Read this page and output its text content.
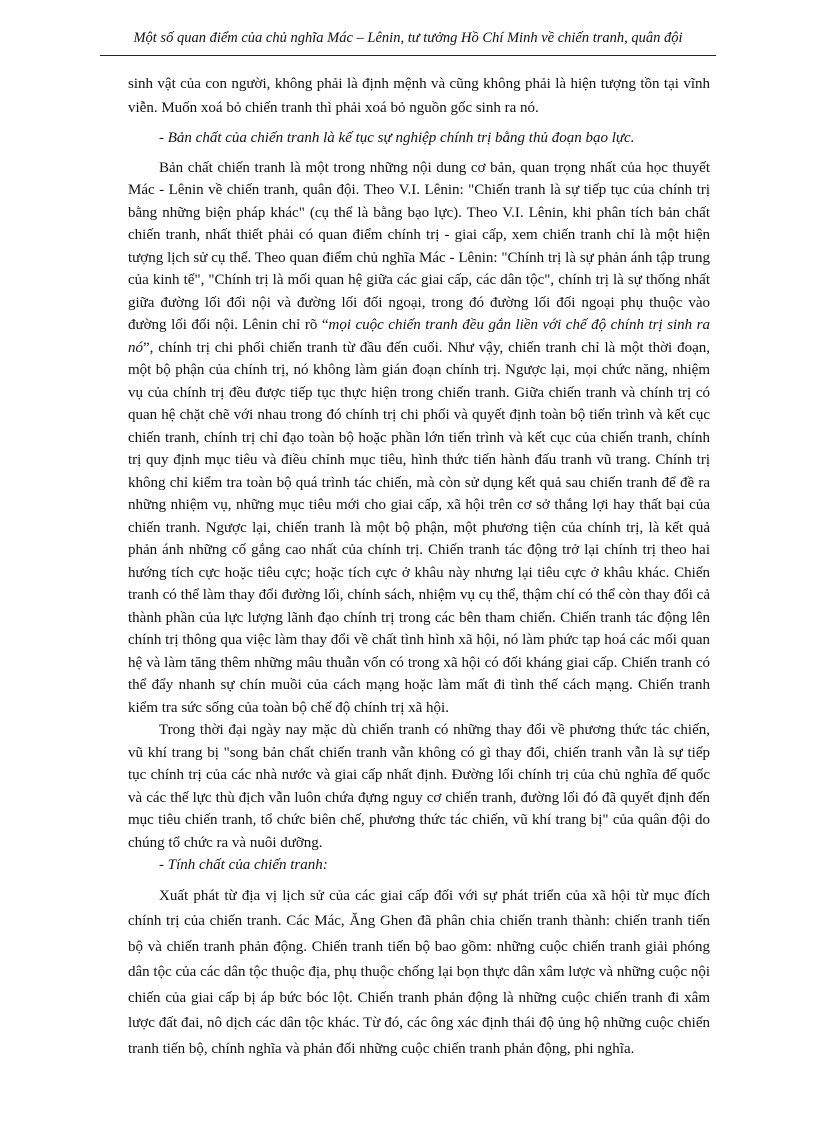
Một số quan điểm của chủ nghĩa Mác – Lênin, tư tưởng Hồ Chí Minh về chiến tranh, quân đội

sinh vật của con người, không phải là định mệnh và cũng không phải là hiện tượng tồn tại vĩnh viễn. Muốn xoá bỏ chiến tranh thì phải xoá bỏ nguồn gốc sinh ra nó.

- Bản chất của chiến tranh là kế tục sự nghiệp chính trị bằng thủ đoạn bạo lực.

Bản chất chiến tranh là một trong những nội dung cơ bản, quan trọng nhất của học thuyết Mác - Lênin về chiến tranh, quân đội. Theo V.I. Lênin: "Chiến tranh là sự tiếp tục của chính trị bằng những biện pháp khác" (cụ thể là bằng bạo lực). Theo V.I. Lênin, khi phân tích bản chất chiến tranh, nhất thiết phải có quan điểm chính trị - giai cấp, xem chiến tranh chỉ là một hiện tượng lịch sử cụ thể. Theo quan điểm chủ nghĩa Mác - Lênin: "Chính trị là sự phản ánh tập trung của kinh tế", "Chính trị là mối quan hệ giữa các giai cấp, các dân tộc", chính trị là sự thống nhất giữa đường lối đối nội và đường lối đối ngoại, trong đó đường lối đối ngoại phụ thuộc vào đường lối đối nội. Lênin chỉ rõ “mọi cuộc chiến tranh đều gắn liền với chế độ chính trị sinh ra nó”, chính trị chi phối chiến tranh từ đầu đến cuối. Như vậy, chiến tranh chỉ là một thời đoạn, một bộ phận của chính trị, nó không làm gián đoạn chính trị. Ngược lại, mọi chức năng, nhiệm vụ của chính trị đều được tiếp tục thực hiện trong chiến tranh. Giữa chiến tranh và chính trị có quan hệ chặt chẽ với nhau trong đó chính trị chi phối và quyết định toàn bộ tiến trình và kết cục chiến tranh, chính trị chỉ đạo toàn bộ hoặc phần lớn tiến trình và kết cục của chiến tranh, chính trị quy định mục tiêu và điều chỉnh mục tiêu, hình thức tiến hành đấu tranh vũ trang. Chính trị không chỉ kiểm tra toàn bộ quá trình tác chiến, mà còn sử dụng kết quả sau chiến tranh để đề ra những nhiệm vụ, những mục tiêu mới cho giai cấp, xã hội trên cơ sở thắng lợi hay thất bại của chiến tranh. Ngược lại, chiến tranh là một bộ phận, một phương tiện của chính trị, là kết quả phản ánh những cố gắng cao nhất của chính trị. Chiến tranh tác động trở lại chính trị theo hai hướng tích cực hoặc tiêu cực; hoặc tích cực ở khâu này nhưng lại tiêu cực ở khâu khác. Chiến tranh có thể làm thay đổi đường lối, chính sách, nhiệm vụ cụ thể, thậm chí có thể còn thay đổi cả thành phần của lực lượng lãnh đạo chính trị trong các bên tham chiến. Chiến tranh tác động lên chính trị thông qua việc làm thay đổi về chất tình hình xã hội, nó làm phức tạp hoá các mối quan hệ và làm tăng thêm những mâu thuẫn vốn có trong xã hội có đối kháng giai cấp. Chiến tranh có thể đẩy nhanh sự chín muồi của cách mạng hoặc làm mất đi tình thế cách mạng. Chiến tranh kiểm tra sức sống của toàn bộ chế độ chính trị xã hội.

Trong thời đại ngày nay mặc dù chiến tranh có những thay đổi về phương thức tác chiến, vũ khí trang bị "song bản chất chiến tranh vẫn không có gì thay đổi, chiến tranh vẫn là sự tiếp tục chính trị của các nhà nước và giai cấp nhất định. Đường lối chính trị của chủ nghĩa đế quốc và các thế lực thù địch vẫn luôn chứa đựng nguy cơ chiến tranh, đường lối đó đã quyết định đến mục tiêu chiến tranh, tổ chức biên chế, phương thức tác chiến, vũ khí trang bị" của quân đội do chúng tổ chức ra và nuôi dưỡng.

- Tính chất của chiến tranh:

Xuất phát từ địa vị lịch sử của các giai cấp đối với sự phát triển của xã hội từ mục đích chính trị của chiến tranh. Các Mác, Ăng Ghen đã phân chia chiến tranh thành: chiến tranh tiến bộ và chiến tranh phản động. Chiến tranh tiến bộ bao gồm: những cuộc chiến tranh giải phóng dân tộc của các dân tộc thuộc địa, phụ thuộc chống lại bọn thực dân xâm lược và những cuộc nội chiến của giai cấp bị áp bức bóc lột. Chiến tranh phản động là những cuộc chiến tranh đi xâm lược đất đai, nô dịch các dân tộc khác. Từ đó, các ông xác định thái độ ủng hộ những cuộc chiến tranh tiến bộ, chính nghĩa và phản đối những cuộc chiến tranh phản động, phi nghĩa.
